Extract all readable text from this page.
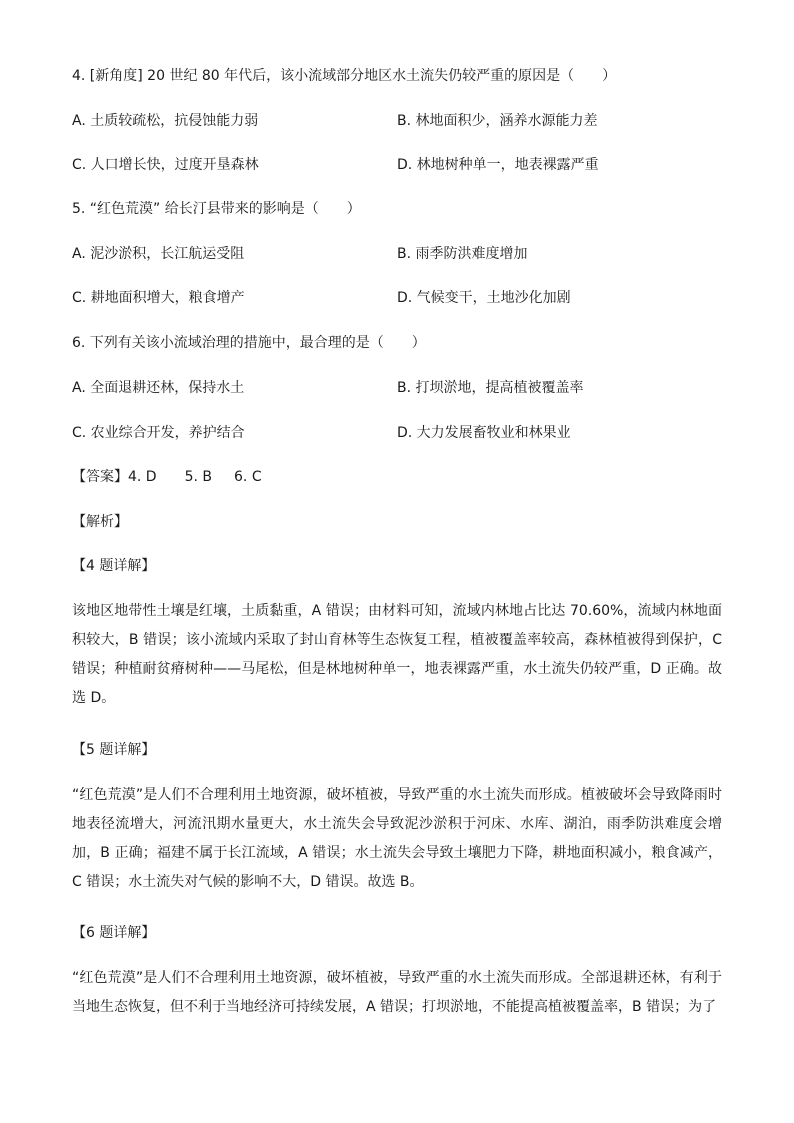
4. [新角度] 20 世纪 80 年代后，该小流域部分地区水土流失仍较严重的原因是（　　）
A. 土质较疏松，抗侵蚀能力弱	B. 林地面积少，涵养水源能力差
C. 人口增长快，过度开垦森林	D. 林地树种单一，地表裸露严重
5. “红色荒漠” 给长汀县带来的影响是（　　）
A. 泥沙淤积，长江航运受阻	B. 雨季防洪难度增加
C. 耕地面积增大，粮食增产	D. 气候变干，土地沙化加剧
6. 下列有关该小流域治理的措施中，最合理的是（　　）
A. 全面退耕还林，保持水土	B. 打坝淤地，提高植被覆盖率
C. 农业综合开发，养护结合	D. 大力发展畜牧业和林果业
【答案】4. D 5. B 6. C
【解析】
【4 题详解】
该地区地带性土壤是红壤，土质黏重，A 错误；由材料可知，流域内林地占比达 70.60%，流域内林地面积较大，B 错误；该小流域内采取了封山育林等生态恢复工程，植被覆盖率较高，森林植被得到保护，C 错误；种植耐贫瘠树种——马尾松，但是林地树种单一，地表裸露严重，水土流失仍较严重，D 正确。故选 D。
【5 题详解】
“红色荒漠”是人们不合理利用土地资源，破坏植被，导致严重的水土流失而形成。植被破坏会导致降雨时地表径流增大，河流汛期水量更大，水土流失会导致泥沙淤积于河床、水库、湖泊，雨季防洪难度会增加，B 正确；福建不属于长江流域，A 错误；水土流失会导致土壤肥力下降，耕地面积减小，粮食减产，C 错误；水土流失对气候的影响不大，D 错误。故选 B。
【6 题详解】
“红色荒漠”是人们不合理利用土地资源，破坏植被，导致严重的水土流失而形成。全部退耕还林，有利于当地生态恢复，但不利于当地经济可持续发展，A 错误；打坝淤地，不能提高植被覆盖率，B 错误；为了
